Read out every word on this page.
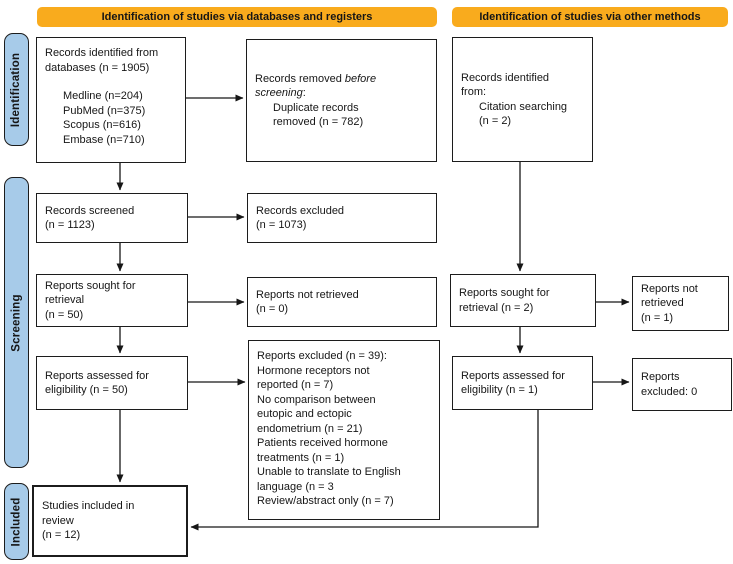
Identification of studies via databases and registers	Identification of studies via other methods
Identification
Screening
Included
Records identified from
databases (n = 1905)
Medline (n=204)
PubMed (n=375)
Scopus (n=616)
Embase (n=710)
Records removed before
screening:
Duplicate records
removed (n = 782)
Records screened
(n = 1123)
Records excluded
(n = 1073)
Reports sought for
retrieval
(n = 50)
Reports not retrieved
(n = 0)
Reports assessed for
eligibility (n = 50)
Reports excluded (n = 39):
Hormone receptors not
reported (n = 7)
No comparison between
eutopic and ectopic
endometrium (n = 21)
Patients received hormone
treatments (n = 1)
Unable to translate to English
language (n = 3
Review/abstract only (n = 7)
Studies included in
review
(n = 12)
Records identified
from:
Citation searching
(n = 2)
Reports sought for
retrieval (n = 2)
Reports not
retrieved
(n = 1)
Reports assessed for
eligibility (n = 1)
Reports
excluded: 0
